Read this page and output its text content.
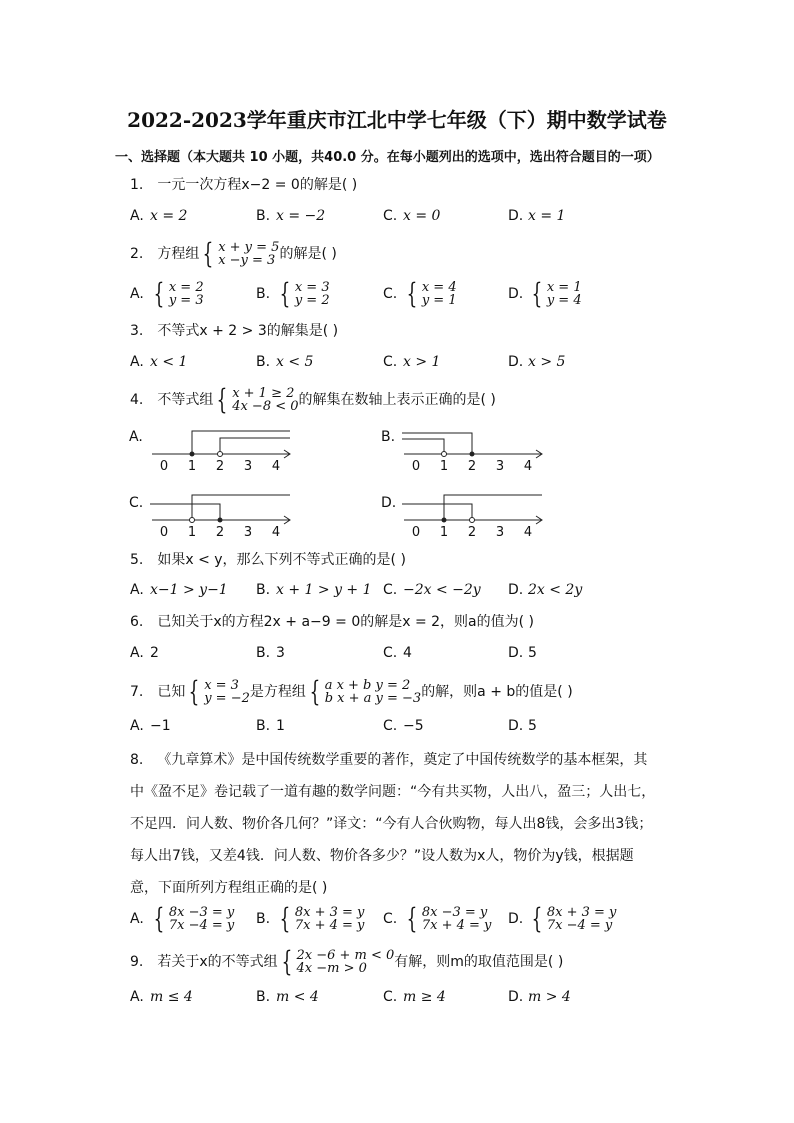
2022-2023学年重庆市江北中学七年级（下）期中数学试卷
一、选择题（本大题共 10 小题，共40.0 分。在每小题列出的选项中，选出符合题目的一项）
1. 一元一次方程x−2 = 0的解是( )
A. x = 2	B. x = −2	C. x = 0	D. x = 1
2. 方程组 { x + y = 5
x −y = 3 的解是( )
A. { x = 2
y = 3	B. { x = 3
y = 2	C. { x = 4
y = 1	D. { x = 1
y = 4
3. 不等式x + 2 > 3的解集是( )
A. x < 1	B. x < 5	C. x > 1	D. x > 5
4. 不等式组 { x + 1 ≥ 2
4x −8 < 0 的解集在数轴上表示正确的是( )
A.
0 1 2 3 4
B.
0 1 2 3 4
C.
0 1 2 3 4
D.
0 1 2 3 4
5. 如果x < y，那么下列不等式正确的是( )
A. x−1 > y−1 B. x + 1 > y + 1 C. −2x < −2y D. 2x < 2y
6. 已知关于x的方程2x + a−9 = 0的解是x = 2，则a的值为( )
A. 2	B. 3	C. 4	D. 5
7. 已知 { x = 3
y = −2 是方程组 { a x + b y = 2
b x + a y = −3 的解，则a + b的值是( )
A. −1	B. 1	C. −5	D. 5
8. 《九章算术》是中国传统数学重要的著作，奠定了中国传统数学的基本框架，其中《盈不足》卷记载了一道有趣的数学问题：“今有共买物，人出八，盈三；人出七，不足四．问人数、物价各几何？”译文：“今有人合伙购物，每人出8钱，会多出3钱；每人出7钱，又差4钱．问人数、物价各多少？”设人数为x人，物价为y钱，根据题意，下面所列方程组正确的是( )
A. { 8x −3 = y
7x −4 = y B. { 8x + 3 = y
7x + 4 = y C. { 8x −3 = y
7x + 4 = y D. { 8x + 3 = y
7x −4 = y
9. 若关于x的不等式组 { 2x −6 + m < 0
4x −m > 0	有解，则m的取值范围是( )
A. m ≤ 4	B. m < 4	C. m ≥ 4	D. m > 4
